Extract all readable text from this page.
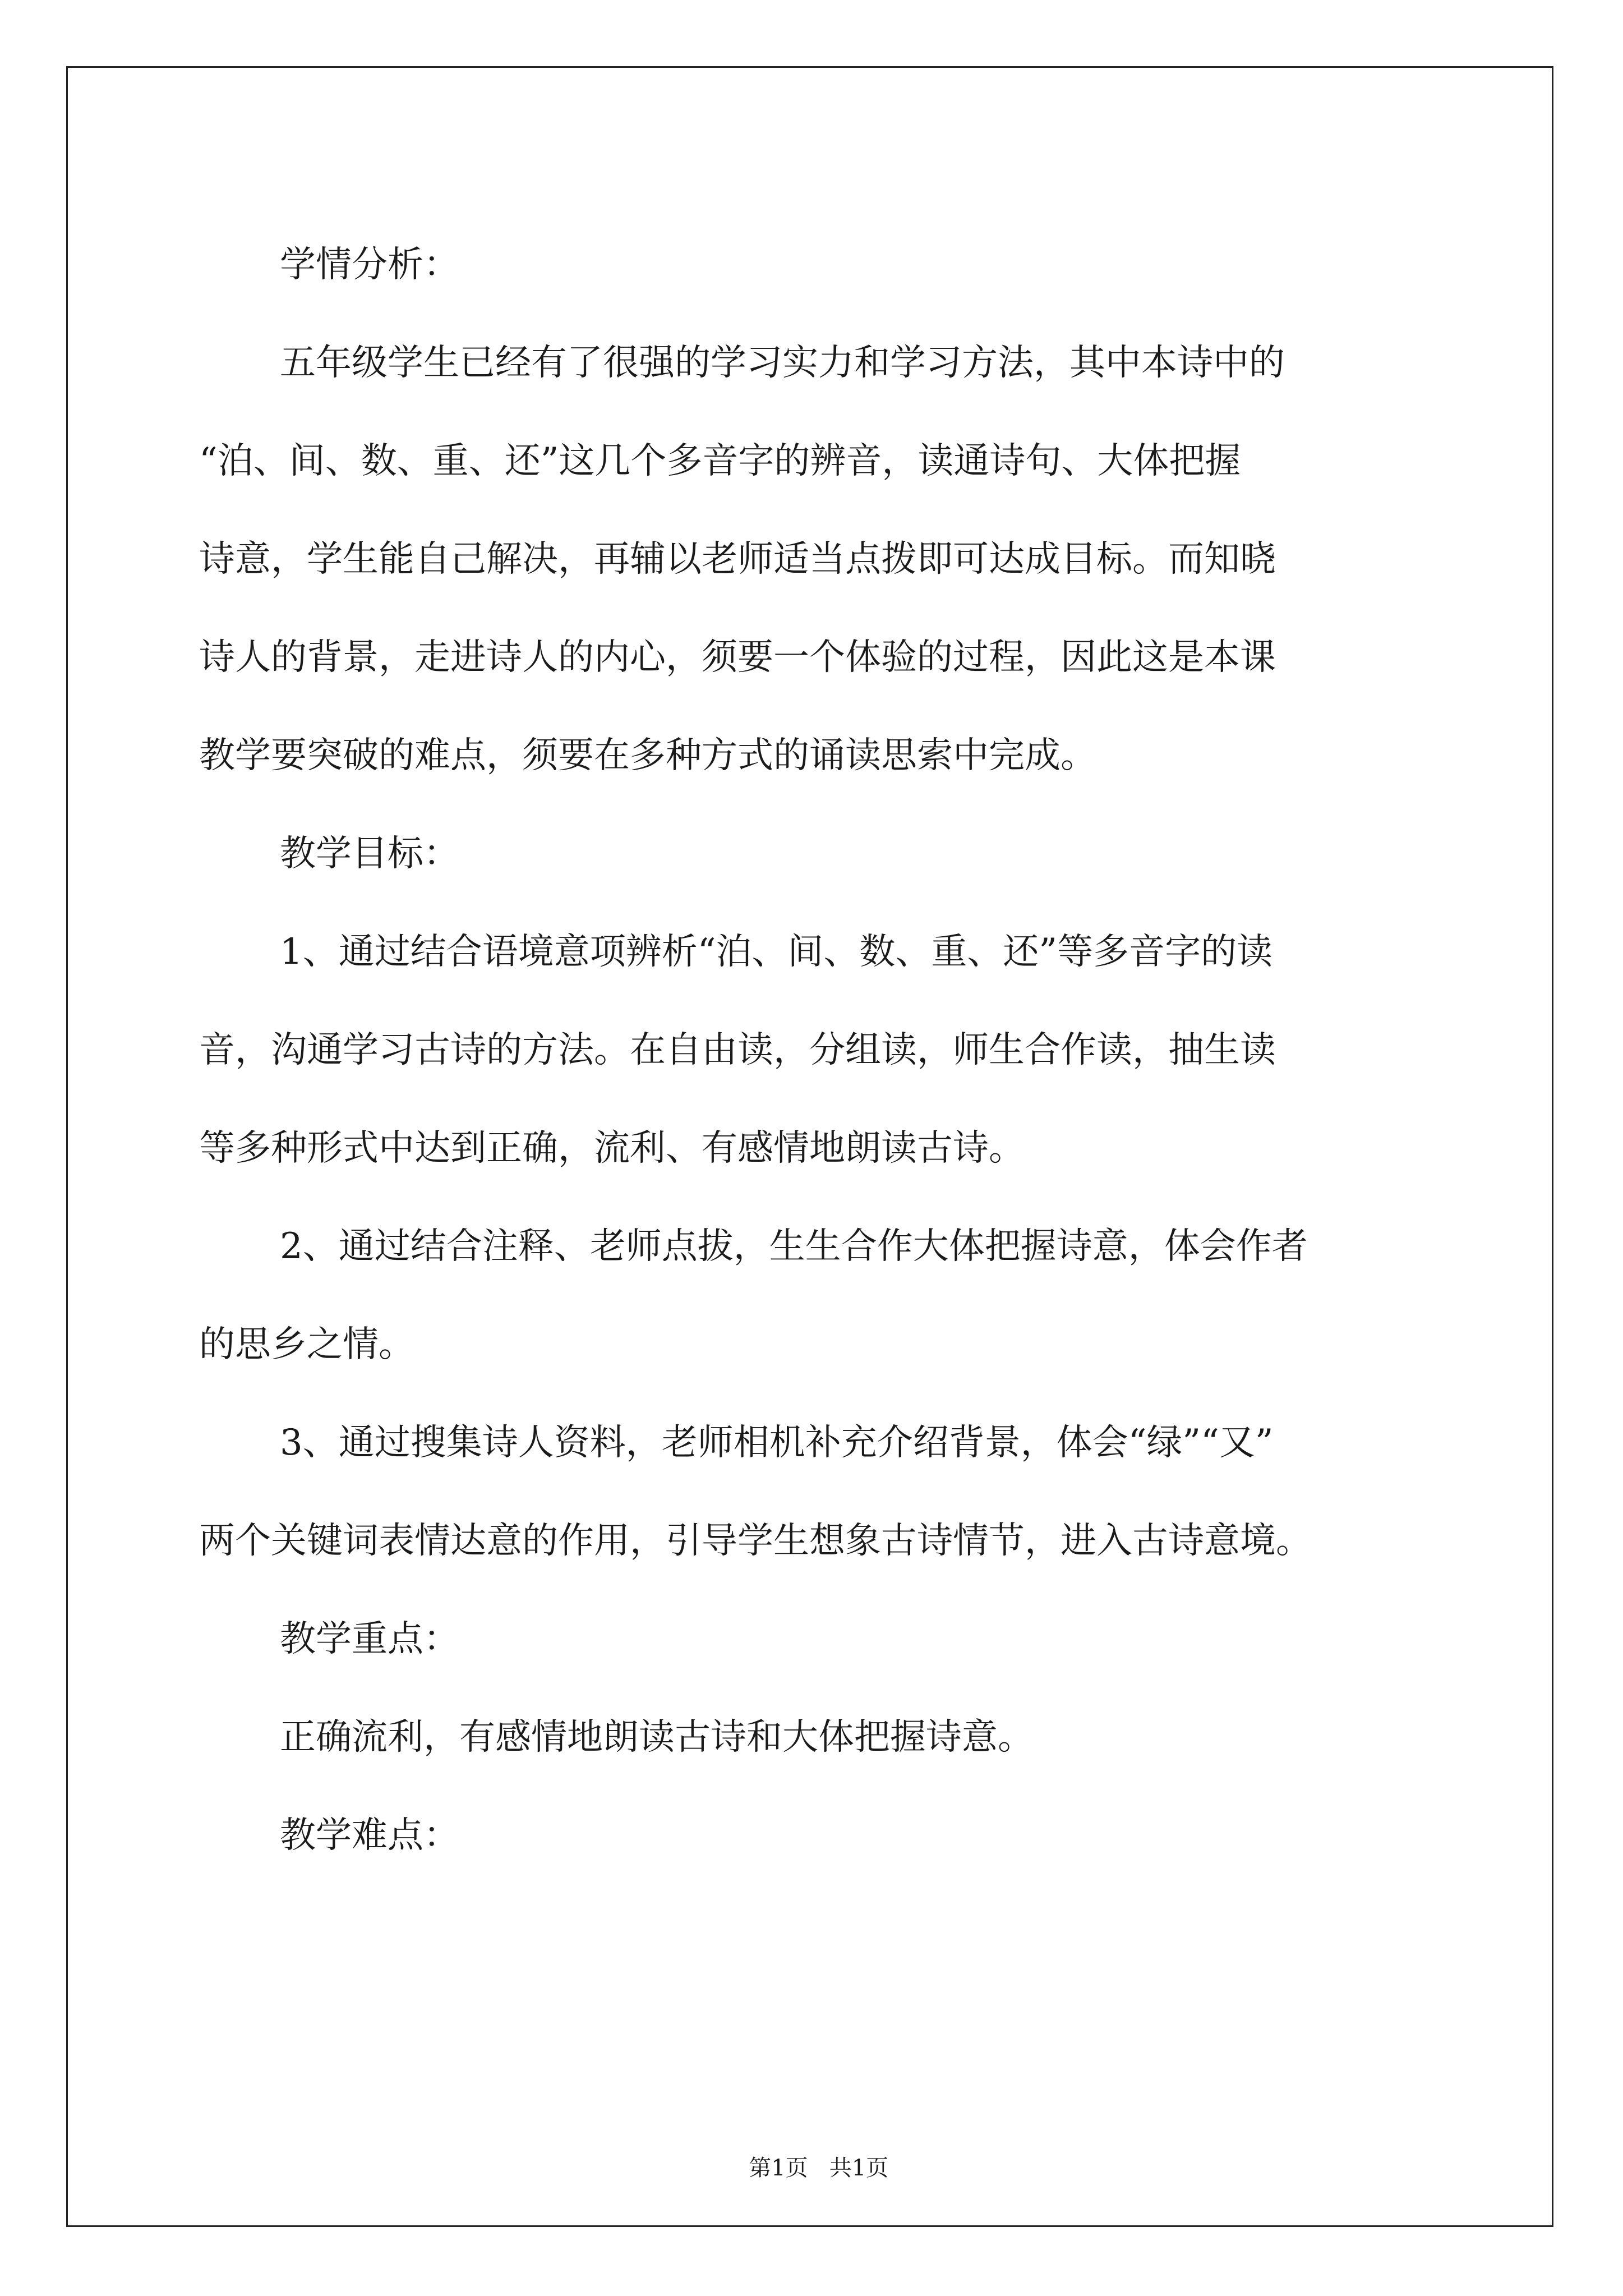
学情分析：
五年级学生已经有了很强的学习实力和学习方法，其中本诗中的
“泊、间、数、重、还”这几个多音字的辨音，读通诗句、大体把握
诗意，学生能自己解决，再辅以老师适当点拨即可达成目标。而知晓
诗人的背景，走进诗人的内心，须要一个体验的过程，因此这是本课
教学要突破的难点，须要在多种方式的诵读思索中完成。
教学目标：
1、通过结合语境意项辨析“泊、间、数、重、还”等多音字的读
音，沟通学习古诗的方法。在自由读，分组读，师生合作读，抽生读
等多种形式中达到正确，流利、有感情地朗读古诗。
2、通过结合注释、老师点拔，生生合作大体把握诗意，体会作者
的思乡之情。
3、通过搜集诗人资料，老师相机补充介绍背景，体会“绿”“又”
两个关键词表情达意的作用，引导学生想象古诗情节，进入古诗意境。
教学重点：
正确流利，有感情地朗读古诗和大体把握诗意。
教学难点：

第1页   共1页
